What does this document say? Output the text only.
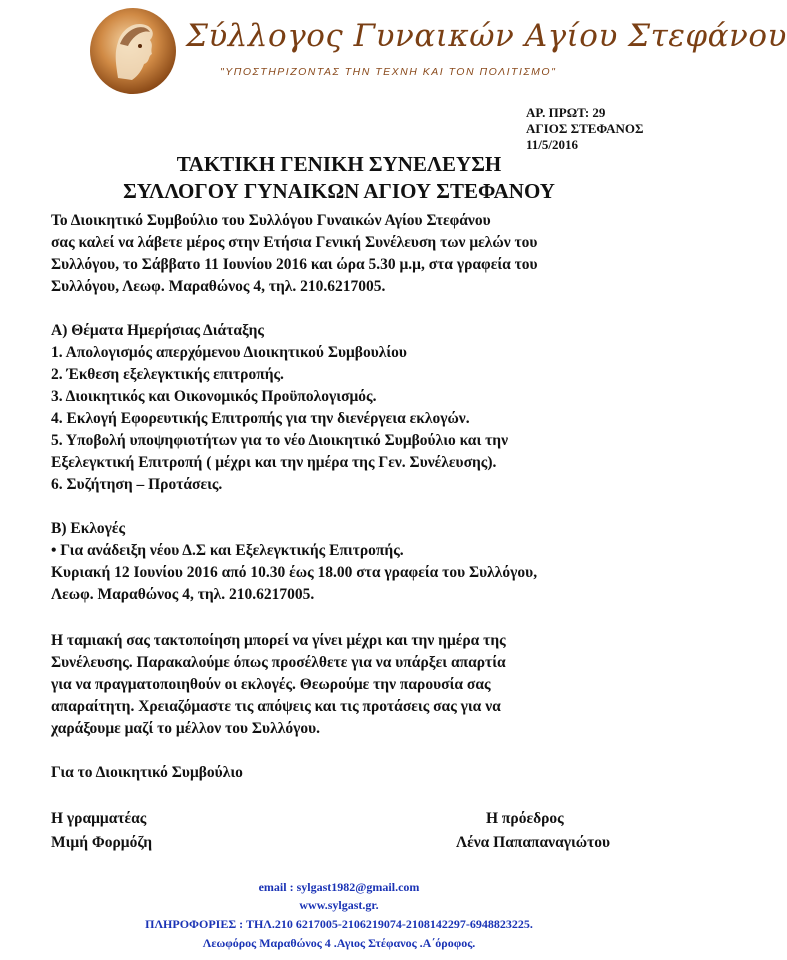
Σύλλογος Γυναικών Αγίου Στεφάνου
"ΥΠΟΣΤΗΡΙΖΟΝΤΑΣ ΤΗΝ ΤΕΧΝΗ ΚΑΙ ΤΟΝ ΠΟΛΙΤΙΣΜΟ"
ΑΡ. ΠΡΩΤ: 29
ΑΓΙΟΣ ΣΤΕΦΑΝΟΣ
11/5/2016
ΤΑΚΤΙΚΗ ΓΕΝΙΚΗ ΣΥΝΕΛΕΥΣΗ
ΣΥΛΛΟΓΟΥ ΓΥΝΑΙΚΩΝ ΑΓΙΟΥ ΣΤΕΦΑΝΟΥ
Το Διοικητικό Συμβούλιο του Συλλόγου Γυναικών Αγίου Στεφάνου
σας καλεί να λάβετε μέρος στην Ετήσια Γενική Συνέλευση των μελών του
Συλλόγου, το Σάββατο 11 Ιουνίου 2016 και ώρα 5.30 μ.μ, στα γραφεία του
Συλλόγου, Λεωφ. Μαραθώνος 4, τηλ. 210.6217005.
Α) Θέματα Ημερήσιας Διάταξης
1. Απολογισμός απερχόμενου Διοικητικού Συμβουλίου
2. Έκθεση εξελεγκτικής επιτροπής.
3. Διοικητικός και Οικονομικός Προϋπολογισμός.
4. Εκλογή Εφορευτικής Επιτροπής για την διενέργεια εκλογών.
5. Υποβολή υποψηφιοτήτων για το νέο Διοικητικό Συμβούλιο και την
Εξελεγκτική Επιτροπή ( μέχρι και την ημέρα της Γεν. Συνέλευσης).
6. Συζήτηση – Προτάσεις.
Β) Εκλογές
• Για ανάδειξη νέου Δ.Σ και Εξελεγκτικής Επιτροπής.
Κυριακή 12 Ιουνίου 2016 από 10.30 έως 18.00 στα γραφεία του Συλλόγου,
Λεωφ. Μαραθώνος 4, τηλ. 210.6217005.
Η ταμιακή σας τακτοποίηση μπορεί να γίνει μέχρι και την ημέρα της
Συνέλευσης. Παρακαλούμε όπως προσέλθετε για να υπάρξει απαρτία
για να πραγματοποιηθούν οι εκλογές. Θεωρούμε την παρουσία σας
απαραίτητη. Χρειαζόμαστε τις απόψεις και τις προτάσεις σας για να
χαράξουμε μαζί το μέλλον του Συλλόγου.
Για το Διοικητικό Συμβούλιο
Η γραμματέας
Μιμή Φορμόζη
Η πρόεδρος
Λένα Παπαπαναγιώτου
email : sylgast1982@gmail.com
www.sylgast.gr.
ΠΛΗΡΟΦΟΡΙΕΣ : ΤΗΛ.210 6217005-2106219074-2108142297-6948823225.
Λεωφόρος Μαραθώνος 4 .Αγιος Στέφανος .Α΄όροφος.
